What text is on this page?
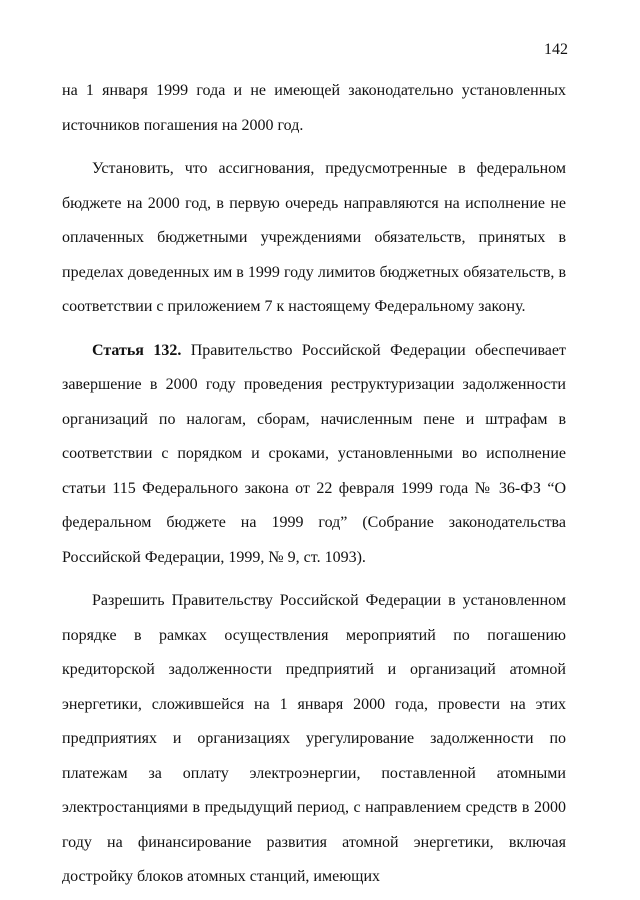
142

на 1 января 1999 года и не имеющей законодательно установленных источников погашения на 2000 год.

Установить, что ассигнования, предусмотренные в федеральном бюджете на 2000 год, в первую очередь направляются на исполнение не оплаченных бюджетными учреждениями обязательств, принятых в пределах доведенных им в 1999 году лимитов бюджетных обязательств, в соответствии с приложением 7 к настоящему Федеральному закону.

Статья 132. Правительство Российской Федерации обеспечивает завершение в 2000 году проведения реструктуризации задолженности организаций по налогам, сборам, начисленным пене и штрафам в соответствии с порядком и сроками, установленными во исполнение статьи 115 Федерального закона от 22 февраля 1999 года № 36-ФЗ “О федеральном бюджете на 1999 год” (Собрание законодательства Российской Федерации, 1999, № 9, ст. 1093).

Разрешить Правительству Российской Федерации в установленном порядке в рамках осуществления мероприятий по погашению кредиторской задолженности предприятий и организаций атомной энергетики, сложившейся на 1 января 2000 года, провести на этих предприятиях и организациях урегулирование задолженности по платежам за оплату электроэнергии, поставленной атомными электростанциями в предыдущий период, с направлением средств в 2000 году на финансирование развития атомной энергетики, включая достройку блоков атомных станций, имеющих
